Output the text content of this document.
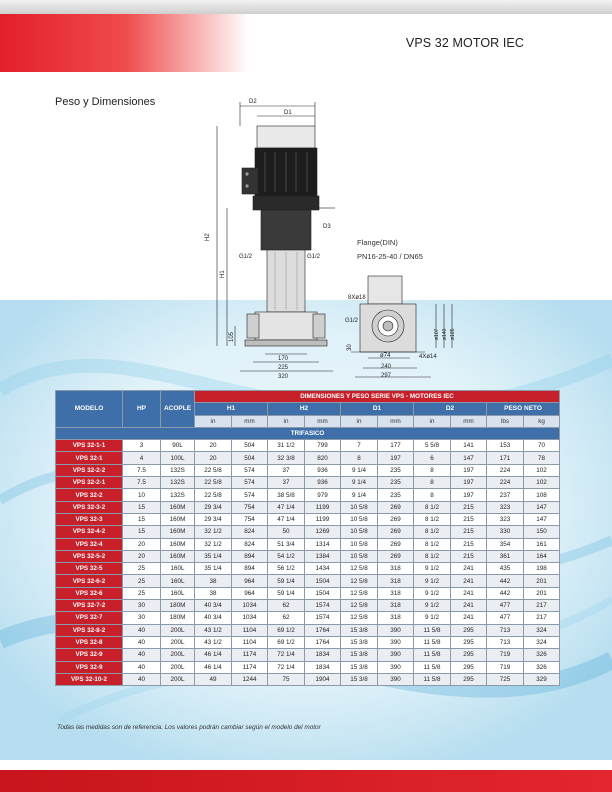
VPS 32 MOTOR IEC
Peso y Dimensiones	D2
D1
D3
H2
H1
G1/2	G1/2
105
170
225
320
8Xø18
G1/2
30
ø74	4Xø14
240
297
ø107 ø140 ø185
Flange(DIN)
PN16-25-40 / DN65
MODELO	HP	ACOPLE	DIMENSIONES Y PESO SERIE VPS - MOTORES IEC									
			H1		H2		D1		D2		PESO NETO	
			in	mm	in	mm	in	mm	in	mm	lbs	kg
TRIFASICO												
VPS 32-1-1	3	90L	20	504	31 1/2	799	7	177	5 5/8	141	153	70
VPS 32-1	4	100L	20	504	32 3/8	820	8	197	6	147	171	78
VPS 32-2-2	7.5	132S	22 5/8	574	37	936	9 1/4	235	8	197	224	102
VPS 32-2-1	7.5	132S	22 5/8	574	37	936	9 1/4	235	8	197	224	102
VPS 32-2	10	132S	22 5/8	574	38 5/8	979	9 1/4	235	8	197	237	108
VPS 32-3-2	15	160M	29 3/4	754	47 1/4	1199	10 5/8	269	8 1/2	215	323	147
VPS 32-3	15	160M	29 3/4	754	47 1/4	1199	10 5/8	269	8 1/2	215	323	147
VPS 32-4-2	15	160M	32 1/2	824	50	1269	10 5/8	269	8 1/2	215	330	150
VPS 32-4	20	160M	32 1/2	824	51 3/4	1314	10 5/8	269	8 1/2	215	354	161
VPS 32-5-2	20	160M	35 1/4	894	54 1/2	1384	10 5/8	269	8 1/2	215	361	164
VPS 32-5	25	160L	35 1/4	894	56 1/2	1434	12 5/8	318	9 1/2	241	435	198
VPS 32-6-2	25	160L	38	964	59 1/4	1504	12 5/8	318	9 1/2	241	442	201
VPS 32-6	25	160L	38	964	59 1/4	1504	12 5/8	318	9 1/2	241	442	201
VPS 32-7-2	30	180M	40 3/4	1034	62	1574	12 5/8	318	9 1/2	241	477	217
VPS 32-7	30	180M	40 3/4	1034	62	1574	12 5/8	318	9 1/2	241	477	217
VPS 32-8-2	40	200L	43 1/2	1104	69 1/2	1764	15 3/8	390	11 5/8	295	713	324
VPS 32-8	40	200L	43 1/2	1104	69 1/2	1764	15 3/8	390	11 5/8	295	713	324
VPS 32-9	40	200L	46 1/4	1174	72 1/4	1834	15 3/8	390	11 5/8	295	719	326
VPS 32-9	40	200L	46 1/4	1174	72 1/4	1834	15 3/8	390	11 5/8	295	719	326
VPS 32-10-2	40	200L	49	1244	75	1904	15 3/8	390	11 5/8	295	725	329
Todas las medidas son de referencia. Los valores podrán cambiar según el modelo del motor
